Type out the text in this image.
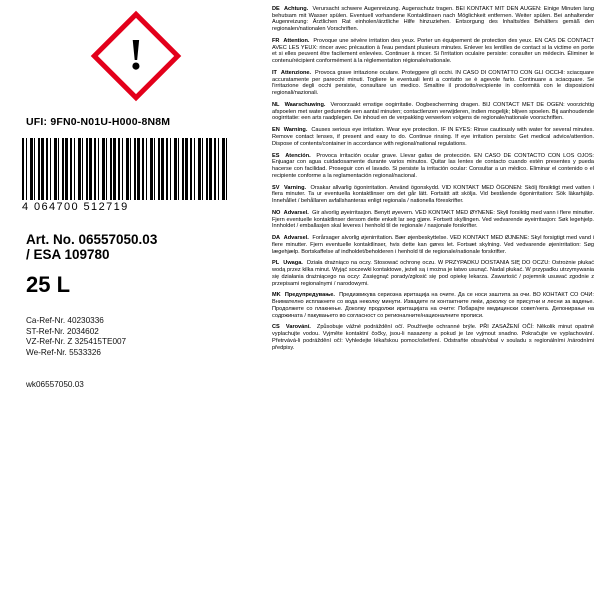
!
UFI: 9FN0-N01U-H000-8N8M
4 064700 512719
Art. No. 06557050.03
/ ESA 109780
25 L
Ca-Ref-Nr. 40230336
ST-Ref-Nr. 2034602
VZ-Ref-Nr. Z 325415TE007
We-Ref-Nr. 5533326
wk06557050.03
DE Achtung. Verursacht schwere Augenreizung. Augenschutz tragen. BEI KONTAKT MIT DEN AUGEN: Einige Minuten lang behutsam mit Wasser spülen. Eventuell vorhandene Kontaktlinsen nach Möglichkeit entfernen. Weiter spülen. Bei anhaltender Augenreizung: Ärztlichen Rat einholen/ärztliche Hilfe hinzuziehen. Entsorgung des Inhalts/des Behälters gemäß den regionalen/nationalen Vorschriften.
FR Attention. Provoque une sévère irritation des yeux. Porter un équipement de protection des yeux. EN CAS DE CONTACT AVEC LES YEUX: rincer avec précaution à l'eau pendant plusieurs minutes. Enlever les lentilles de contact si la victime en porte et si elles peuvent être facilement enlevées. Continuer à rincer. Si l'irritation oculaire persiste: consulter un médecin. Éliminer le contenu/récipient conformément à la réglementation régionale/nationale.
IT Attenzione. Provoca grave irritazione oculare. Proteggere gli occhi. IN CASO DI CONTATTO CON GLI OCCHI: sciacquare accuratamente per parecchi minuti. Togliere le eventuali lenti a contatto se è agevole farlo. Continuare a sciacquare. Se l'irritazione degli occhi persiste, consultare un medico. Smaltire il prodotto/recipiente in conformità con le disposizioni regionali/nazionali.
NL Waarschuwing. Veroorzaakt ernstige oogirritatie. Oogbescherming dragen. BIJ CONTACT MET DE OGEN: voorzichtig afspoelen met water gedurende een aantal minuten; contactlenzen verwijderen, indien mogelijk; blijven spoelen. Bij aanhoudende oogirritatie: een arts raadplegen. De inhoud en de verpakking verwerken volgens de regionale/nationale voorschriften.
EN Warning. Causes serious eye irritation. Wear eye protection. IF IN EYES: Rinse cautiously with water for several minutes. Remove contact lenses, if present and easy to do. Continue rinsing. If eye irritation persists: Get medical advice/attention. Dispose of contents/container in accordance with regional/national regulations.
ES Atención. Provoca irritación ocular grave. Llevar gafas de protección. EN CASO DE CONTACTO CON LOS OJOS: Enjuagar con agua cuidadosamente durante varios minutos. Quitar las lentes de contacto cuando estén presentes y pueda hacerse con facilidad. Proseguir con el lavado. Si persiste la irritación ocular: Consultar a un médico. Eliminar el contenido o el recipiente conforme a la reglamentación regional/nacional.
SV Varning. Orsakar allvarlig ögonirritation. Använd ögonskydd. VID KONTAKT MED ÖGONEN: Skölj försiktigt med vatten i flera minuter. Ta ur eventuella kontaktlinser om det går lätt. Fortsätt att skölja. Vid bestående ögonirritation: Sök läkarhjälp. Innehållet / behållaren avfallshanteras enligt regionala / nationella föreskrifter.
NO Advarsel. Gir alvorlig øyeirritasjon. Benytt øyevern. VED KONTAKT MED ØYNENE: Skyll forsiktig med vann i flere minutter. Fjern eventuelle kontaktlinser dersom dette enkelt lar seg gjøre. Fortsett skyllingen. Ved vedvarende øyeirritasjon: Søk legehjelp. Innholdet / emballasjen skal leveres i henhold til de regionale / nasjonale forskrifter.
DA Advarsel. Forårsager alvorlig øjenirritation. Bær øjenbeskyttelse. VED KONTAKT MED ØJNENE: Skyl forsigtigt med vand i flere minutter. Fjern eventuelle kontaktlinser, hvis dette kan gøres let. Fortsæt skylning. Ved vedvarende øjenirritation: Søg lægehjælp. Bortskaffelse af indholdet/beholderen i henhold til de regionale/nationale forskrifter.
PL Uwaga. Działa drażniąco na oczy. Stosować ochronę oczu. W PRZYPADKU DOSTANIA SIĘ DO OCZU: Ostrożnie płukać wodą przez kilka minut. Wyjąć soczewki kontaktowe, jeżeli są i można je łatwo usunąć. Nadal płukać. W przypadku utrzymywania się działania drażniącego na oczy: Zasięgnąć porady/zgłosić się pod opiekę lekarza. Zawartość / pojemnik usuwać zgodnie z przepisami regionalnymi / narodowymi.
MK Предупредување. Предизвикува сериозна иритација на очите. Да се носи заштита за очи. ВО КОНТАКТ СО ОЧИ: Внимателно исплакнете со вода неколку минути. Извадете ги контактните леќи, доколку се присутни и лесни за вадење. Продолжете со плакнење. Доколку продолжи иритацијата на очите: Побарајте медицински совет/нега. Депонирање на содржината / пакувањето во согласност со регионалните/националните прописи.
CS Varování. Způsobuje vážné podráždění očí. Používejte ochranné brýle. PŘI ZASAŽENÍ OČÍ: Několik minut opatrně vyplachujte vodou. Vyjměte kontaktní čočky, jsou-li nasazeny a pokud je lze vyjmout snadno. Pokračujte ve vyplachování. Přetrvává-li podráždění očí: Vyhledejte lékařskou pomoc/ošetření. Odstraňte obsah/obal v souladu s regionálními /národními předpisy.
